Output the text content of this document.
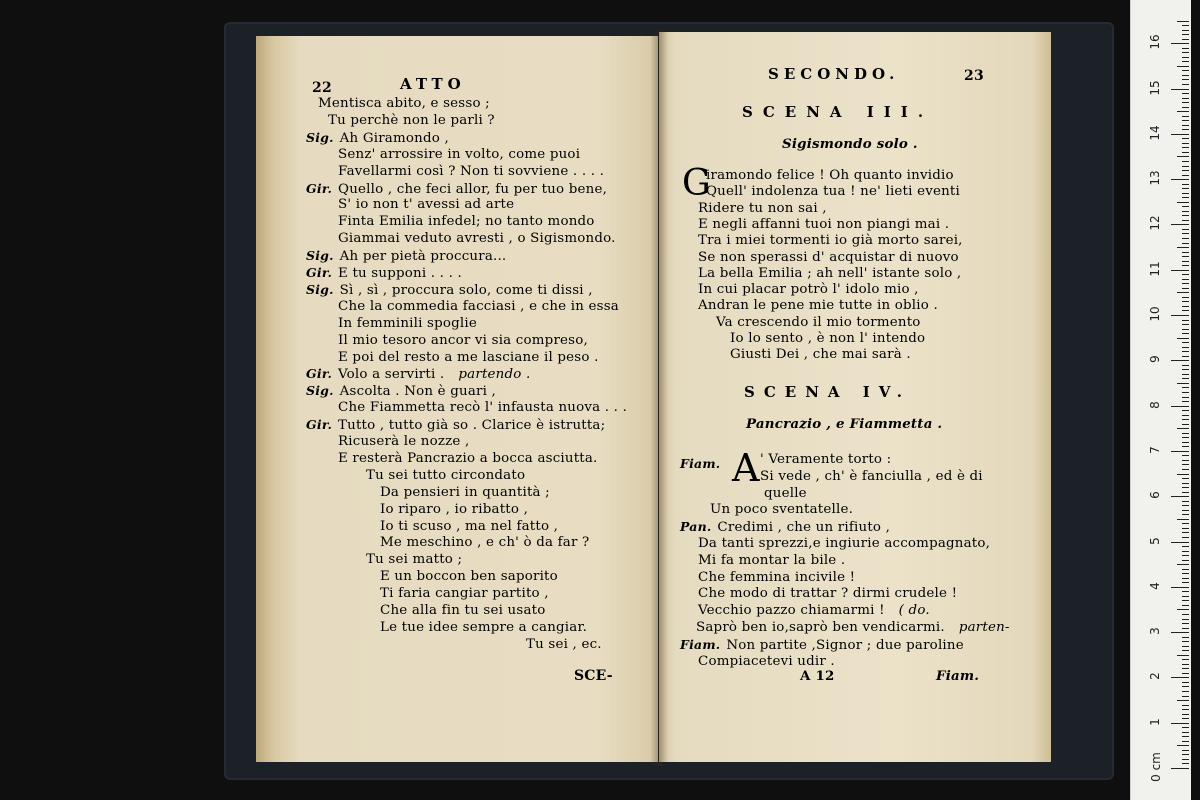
22	ATTO
Mentisca abito, e sesso ;
Tu perchè non le parli ?
Sig. Ah Giramondo ,
Senz' arrossire in volto, come puoi
Favellarmi così ? Non ti sovviene . . . .
Gir. Quello , che feci allor, fu per tuo bene,
S' io non t' avessi ad arte
Finta Emilia infedel; no tanto mondo
Giammai veduto avresti , o Sigismondo.
Sig. Ah per pietà proccura...
Gir. E tu supponi . . . .
Sig. Sì , sì , proccura solo, come ti dissi ,
Che la commedia facciasi , e che in essa
In femminili spoglie
Il mio tesoro ancor vi sia compreso,
E poi del resto a me lasciane il peso .
Gir. Volo a servirti . partendo .
Sig. Ascolta . Non è guari ,
Che Fiammetta recò l' infausta nuova . . .
Gir. Tutto , tutto già so . Clarice è istrutta;
Ricuserà le nozze ,
E resterà Pancrazio a bocca asciutta.
Tu sei tutto circondato
Da pensieri in quantità ;
Io riparo , io ribatto ,
Io ti scuso , ma nel fatto ,
Me meschino , e ch' ò da far ?
Tu sei matto ;
E un boccon ben saporito
Ti faria cangiar partito ,
Che alla fin tu sei usato
Le tue idee sempre a cangiar.
Tu sei , ec.
SCE-
SECONDO.	23
SCENA III.
Sigismondo solo .
G
iramondo felice ! Oh quanto invidio
Quell' indolenza tua ! ne' lieti eventi
Ridere tu non sai ,
E negli affanni tuoi non piangi mai .
Tra i miei tormenti io già morto sarei,
Se non sperassi d' acquistar di nuovo
La bella Emilia ; ah nell' istante solo ,
In cui placar potrò l' idolo mio ,
Andran le pene mie tutte in oblio .
Va crescendo il mio tormento
Io lo sento , è non l' intendo
Giusti Dei , che mai sarà .
SCENA IV.
Pancrazio , e Fiammetta .
Fiam. A ' Veramente torto :
Si vede , ch' è fanciulla , ed è di
quelle
Un poco sventatelle.
Pan. Credimi , che un rifiuto ,
Da tanti sprezzi,e ingiurie accompagnato,
Mi fa montar la bile .
Che femmina incivile !
Che modo di trattar ? dirmi crudele !
Vecchio pazzo chiamarmi ! ( do.
Saprò ben io,saprò ben vendicarmi. parten-
Fiam. Non partite ,Signor ; due paroline
Compiacetevi udir .
A 12	Fiam.
1
2
3
4
5
6
7
8
9
10
11
12
13
14
15
16
0 cm
